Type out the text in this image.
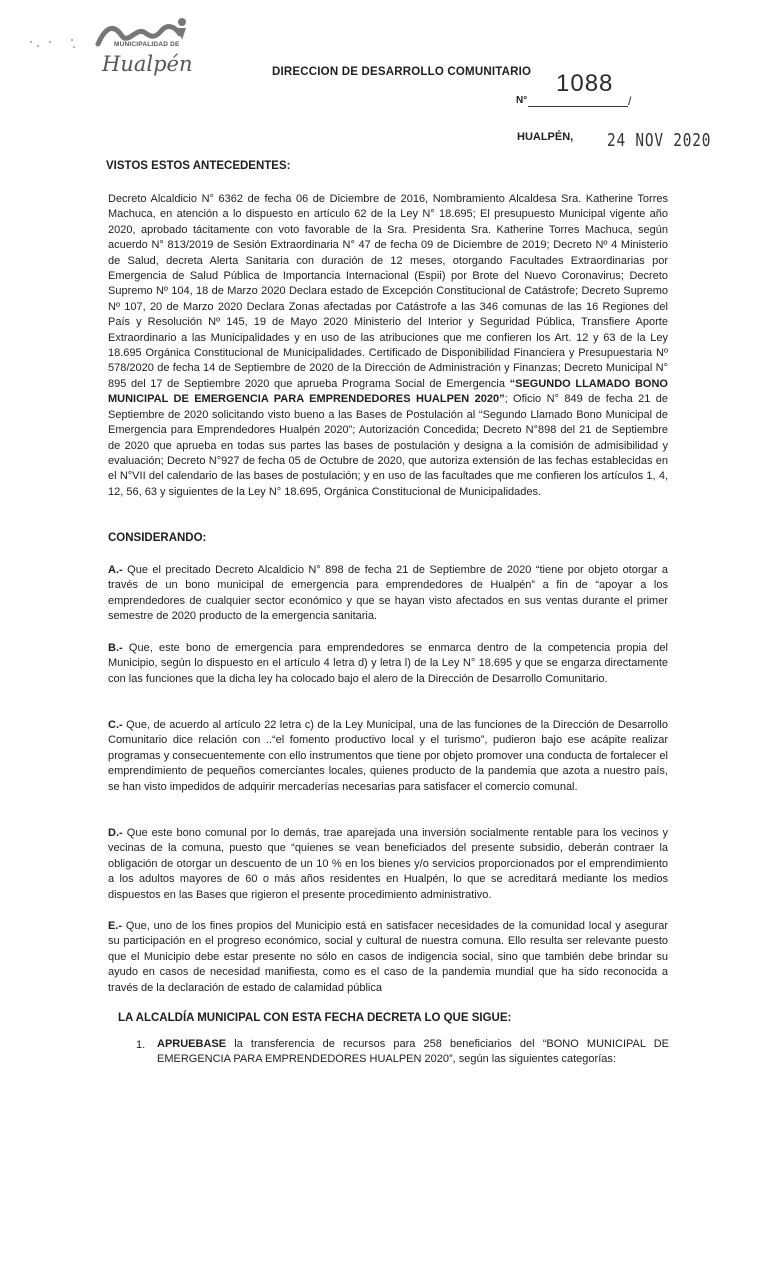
MUNICIPALIDAD DE
Hualpén	DIRECCION DE DESARROLLO COMUNITARIO 1088
N°	/
HUALPÉN, 24 NOV 2020
VISTOS ESTOS ANTECEDENTES:
Decreto Alcaldicio N° 6362 de fecha 06 de Diciembre de 2016, Nombramiento Alcaldesa Sra. Katherine Torres Machuca, en atención a lo dispuesto en artículo 62 de la Ley N° 18.695; El presupuesto Municipal vigente año 2020, aprobado tácitamente con voto favorable de la Sra. Presidenta Sra. Katherine Torres Machuca, según acuerdo N° 813/2019 de Sesión Extraordinaria N° 47 de fecha 09 de Diciembre de 2019; Decreto Nº 4 Ministerio de Salud, decreta Alerta Sanitaria con duración de 12 meses, otorgando Facultades Extraordinarias por Emergencia de Salud Pública de Importancia Internacional (Espii) por Brote del Nuevo Coronavirus; Decreto Supremo Nº 104, 18 de Marzo 2020 Declara estado de Excepción Constitucional de Catástrofe; Decreto Supremo Nº 107, 20 de Marzo 2020 Declara Zonas afectadas por Catástrofe a las 346 comunas de las 16 Regiones del País y Resolución Nº 145, 19 de Mayo 2020 Ministerio del Interior y Seguridad Pública, Transfiere Aporte Extraordinario a las Municipalidades y en uso de las atribuciones que me confieren los Art. 12 y 63 de la Ley 18.695 Orgánica Constitucional de Municipalidades. Certificado de Disponibilidad Financiera y Presupuestaria Nº 578/2020 de fecha 14 de Septiembre de 2020 de la Dirección de Administración y Finanzas; Decreto Municipal N° 895 del 17 de Septiembre 2020 que aprueba Programa Social de Emergencia “SEGUNDO LLAMADO BONO MUNICIPAL DE EMERGENCIA PARA EMPRENDEDORES HUALPEN 2020”; Oficio N° 849 de fecha 21 de Septiembre de 2020 solicitando visto bueno a las Bases de Postulación al “Segundo Llamado Bono Municipal de Emergencia para Emprendedores Hualpén 2020”; Autorización Concedida; Decreto N°898 del 21 de Septiembre de 2020 que aprueba en todas sus partes las bases de postulación y designa a la comisión de admisibilidad y evaluación; Decreto N°927 de fecha 05 de Octubre de 2020, que autoriza extensión de las fechas establecidas en el N°VII del calendario de las bases de postulación; y en uso de las facultades que me confieren los artículos 1, 4, 12, 56, 63 y siguientes de la Ley N° 18.695, Orgánica Constitucional de Municipalidades.
CONSIDERANDO:
A.- Que el precitado Decreto Alcaldicio N° 898 de fecha 21 de Septiembre de 2020 “tiene por objeto otorgar a través de un bono municipal de emergencia para emprendedores de Hualpén” a fin de “apoyar a los emprendedores de cualquier sector económico y que se hayan visto afectados en sus ventas durante el primer semestre de 2020 producto de la emergencia sanitaria.
B.- Que, este bono de emergencia para emprendedores se enmarca dentro de la competencia propia del Municipio, según lo dispuesto en el artículo 4 letra d) y letra l) de la Ley N° 18.695 y que se engarza directamente con las funciones que la dicha ley ha colocado bajo el alero de la Dirección de Desarrollo Comunitario.
C.- Que, de acuerdo al artículo 22 letra c) de la Ley Municipal, una de las funciones de la Dirección de Desarrollo Comunitario dice relación con ..“el fomento productivo local y el turismo”, pudieron bajo ese acápite realizar programas y consecuentemente con ello instrumentos que tiene por objeto promover una conducta de fortalecer el emprendimiento de pequeños comerciantes locales, quienes producto de la pandemia que azota a nuestro país, se han visto impedidos de adquirir mercaderías necesarias para satisfacer el comercio comunal.
D.- Que este bono comunal por lo demás, trae aparejada una inversión socialmente rentable para los vecinos y vecinas de la comuna, puesto que “quienes se vean beneficiados del presente subsidio, deberán contraer la obligación de otorgar un descuento de un 10 % en los bienes y/o servicios proporcionados por el emprendimiento a los adultos mayores de 60 o más años residentes en Hualpén, lo que se acreditará mediante los medios dispuestos en las Bases que rigieron el presente procedimiento administrativo.
E.- Que, uno de los fines propios del Municipio está en satisfacer necesidades de la comunidad local y asegurar su participación en el progreso económico, social y cultural de nuestra comuna. Ello resulta ser relevante puesto que el Municipio debe estar presente no sólo en casos de indigencia social, sino que también debe brindar su ayudo en casos de necesidad manifiesta, como es el caso de la pandemia mundial que ha sido reconocida a través de la declaración de estado de calamidad pública
LA ALCALDÍA MUNICIPAL CON ESTA FECHA DECRETA LO QUE SIGUE:
1. APRUEBASE la transferencia de recursos para 258 beneficiarios del “BONO MUNICIPAL DE EMERGENCIA PARA EMPRENDEDORES HUALPEN 2020”, según las siguientes categorías:
